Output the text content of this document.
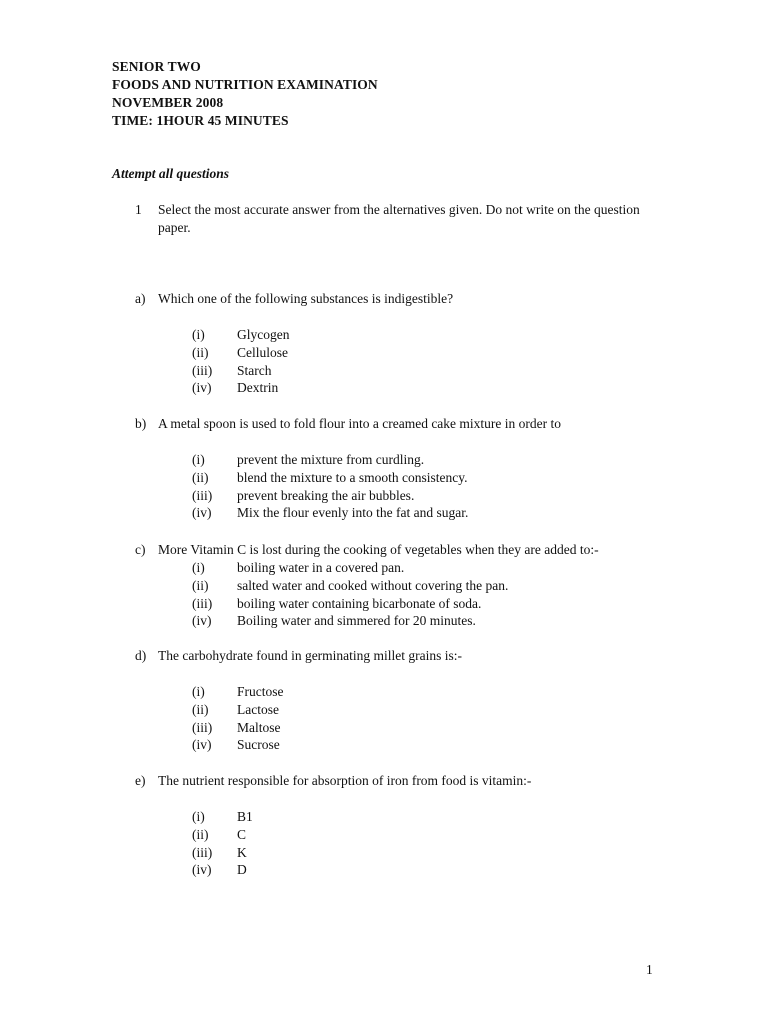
SENIOR TWO
FOODS AND NUTRITION EXAMINATION
NOVEMBER 2008
TIME: 1HOUR 45 MINUTES
Attempt all questions
1 Select the most accurate answer from the alternatives given. Do not write on the question paper.
a) Which one of the following substances is indigestible?
(i) Glycogen
(ii) Cellulose
(iii) Starch
(iv) Dextrin
b) A metal spoon is used to fold flour into a creamed cake mixture in order to
(i) prevent the mixture from curdling.
(ii) blend the mixture to a smooth consistency.
(iii) prevent breaking the air bubbles.
(iv) Mix the flour evenly into the fat and sugar.
c) More Vitamin C is lost during the cooking of vegetables when they are added to:-
(i) boiling water in a covered pan.
(ii) salted water and cooked without covering the pan.
(iii) boiling water containing bicarbonate of soda.
(iv) Boiling water and simmered for 20 minutes.
d) The carbohydrate found in germinating millet grains is:-
(i) Fructose
(ii) Lactose
(iii) Maltose
(iv) Sucrose
e) The nutrient responsible for absorption of iron from food is vitamin:-
(i) B1
(ii) C
(iii) K
(iv) D
1
